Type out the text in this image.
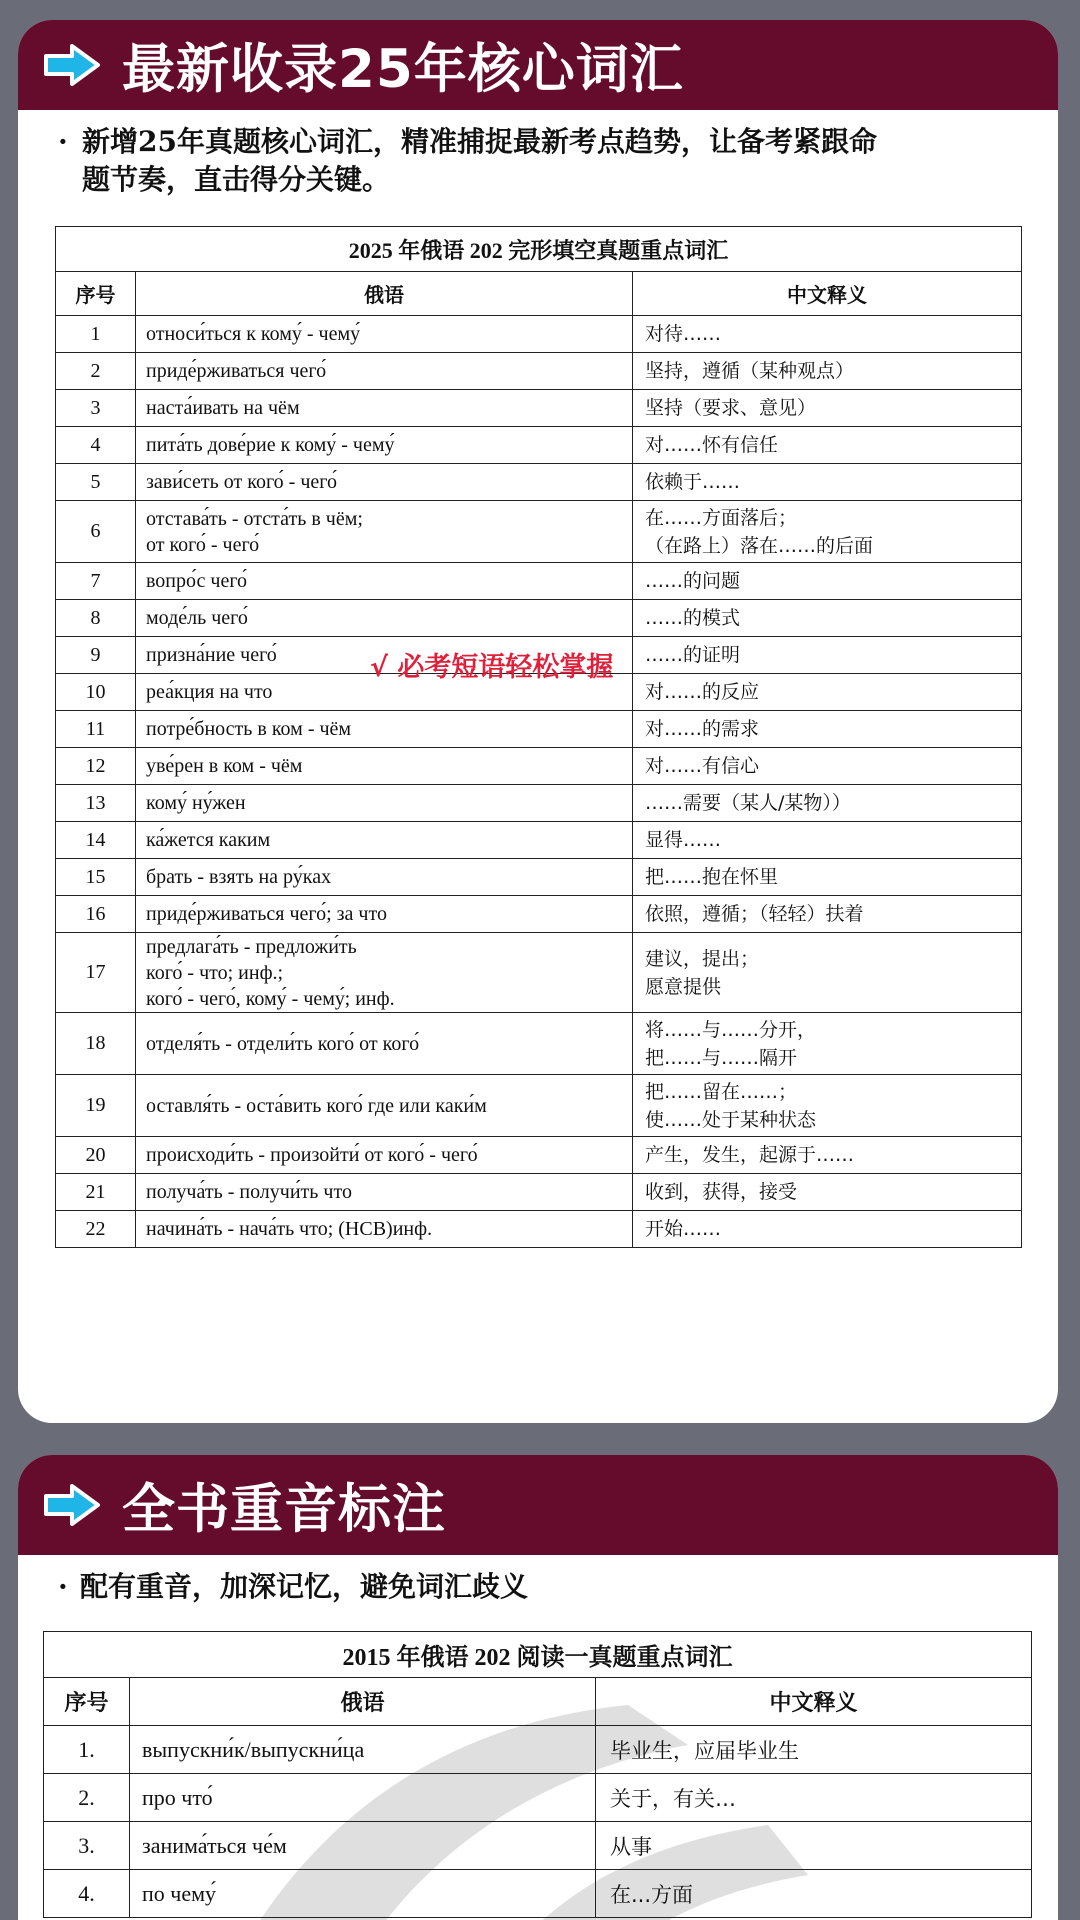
最新收录25年核心词汇
· 新增25年真题核心词汇，精准捕捉最新考点趋势，让备考紧跟命
题节奏，直击得分关键。
2025 年俄语 202 完形填空真题重点词汇		
序号	俄语	中文释义
1	относи́ться к кому́ - чему́	对待……
2	приде́рживаться чего́	坚持，遵循（某种观点）
3	наста́ивать на чём	坚持（要求、意见）
4	пита́ть дове́рие к кому́ - чему́	对……怀有信任
5	зави́сеть от кого́ - чего́	依赖于……
6	отстава́ть - отста́ть в чём;
от кого́ - чего́	在……方面落后；
（在路上）落在……的后面
7	вопро́с чего́	……的问题
8	моде́ль чего́	……的模式
9	призна́ние чего́	……的证明
10	реа́кция на что	对……的反应
11	потре́бность в ком - чём	对……的需求
12	уве́рен в ком - чём	对……有信心
13	кому́ ну́жен	……需要（某人/某物））
14	ка́жется каким	显得……
15	брать - взять на ру́ках	把……抱在怀里
16	приде́рживаться чего́; за что	依照，遵循；（轻轻）扶着
17	предлага́ть - предложи́ть
кого́ - что; инф.;
кого́ - чего́, кому́ - чему́; инф.	建议，提出；
愿意提供
18	отделя́ть - отдели́ть кого́ от кого́	将……与……分开，
把……与……隔开
19	оставля́ть - оста́вить кого́ где или каки́м	把……留在……；
使……处于某种状态
20	происходи́ть - произойти́ от кого́ - чего́	产生，发生，起源于……
21	получа́ть - получи́ть что	收到，获得，接受
22	начина́ть - нача́ть что; (НСВ)инф.	开始……
√ 必考短语轻松掌握
全书重音标注
· 配有重音，加深记忆，避免词汇歧义
2015 年俄语 202 阅读一真题重点词汇		
序号	俄语	中文释义
1.	выпускни́к/выпускни́ца	毕业生，应届毕业生
2.	про что́	关于，有关…
3.	занима́ться че́м	从事
4.	по чему́	在...方面
